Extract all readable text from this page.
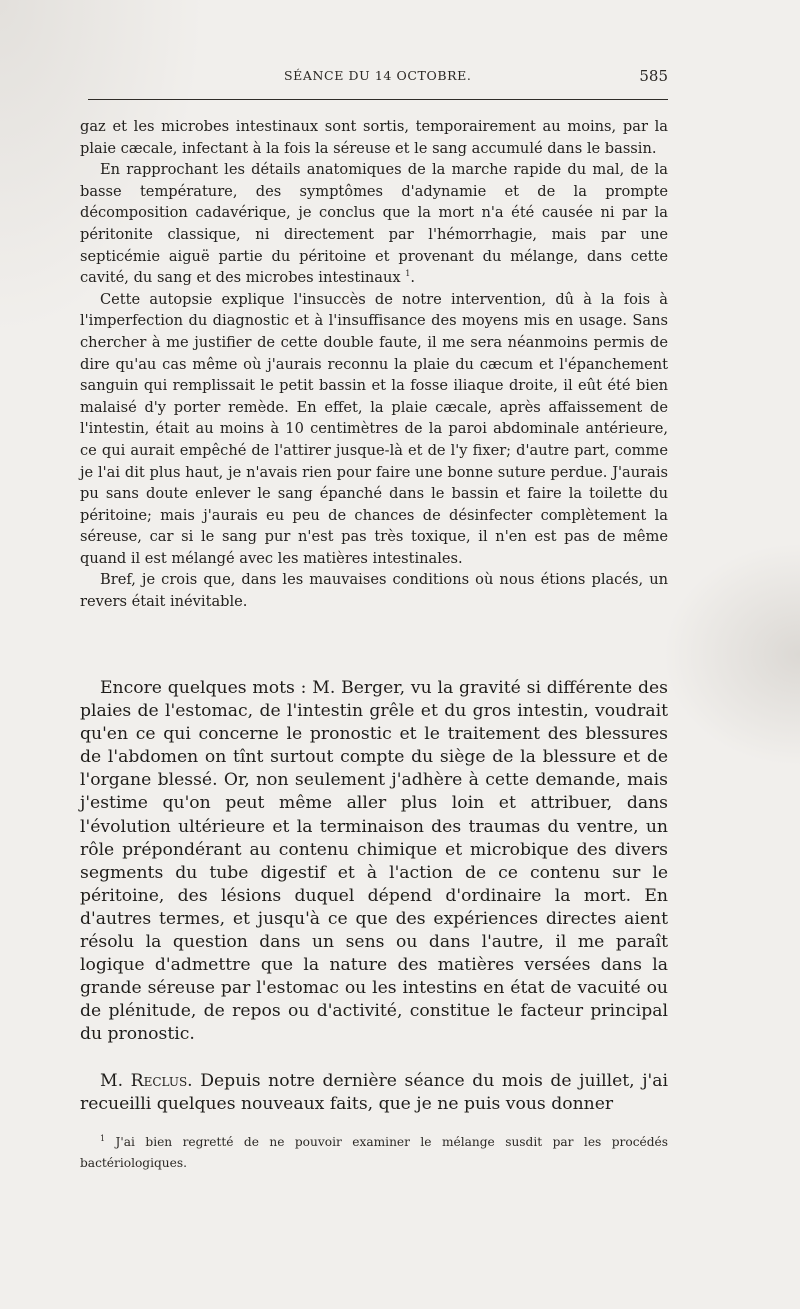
SÉANCE DU 14 OCTOBRE.	585

gaz et les microbes intestinaux sont sortis, temporairement au moins, par la plaie cæcale, infectant à la fois la séreuse et le sang accumulé dans le bassin.

En rapprochant les détails anatomiques de la marche rapide du mal, de la basse température, des symptômes d'adynamie et de la prompte décomposition cadavérique, je conclus que la mort n'a été causée ni par la péritonite classique, ni directement par l'hémorrhagie, mais par une septicémie aiguë partie du péritoine et provenant du mélange, dans cette cavité, du sang et des microbes intestinaux $^1$.

Cette autopsie explique l'insuccès de notre intervention, dû à la fois à l'imperfection du diagnostic et à l'insuffisance des moyens mis en usage. Sans chercher à me justifier de cette double faute, il me sera néanmoins permis de dire qu'au cas même où j'aurais reconnu la plaie du cæcum et l'épanchement sanguin qui remplissait le petit bassin et la fosse iliaque droite, il eût été bien malaisé d'y porter remède. En effet, la plaie cæcale, après affaissement de l'intestin, était au moins à 10 centimètres de la paroi abdominale antérieure, ce qui aurait empêché de l'attirer jusque-là et de l'y fixer; d'autre part, comme je l'ai dit plus haut, je n'avais rien pour faire une bonne suture perdue. J'aurais pu sans doute enlever le sang épanché dans le bassin et faire la toilette du péritoine; mais j'aurais eu peu de chances de désinfecter complètement la séreuse, car si le sang pur n'est pas très toxique, il n'en est pas de même quand il est mélangé avec les matières intestinales.

Bref, je crois que, dans les mauvaises conditions où nous étions placés, un revers était inévitable.

Encore quelques mots : M. Berger, vu la gravité si différente des plaies de l'estomac, de l'intestin grêle et du gros intestin, voudrait qu'en ce qui concerne le pronostic et le traitement des blessures de l'abdomen on tînt surtout compte du siège de la blessure et de l'organe blessé. Or, non seulement j'adhère à cette demande, mais j'estime qu'on peut même aller plus loin et attribuer, dans l'évolution ultérieure et la terminaison des traumas du ventre, un rôle prépondérant au contenu chimique et microbique des divers segments du tube digestif et à l'action de ce contenu sur le péritoine, des lésions duquel dépend d'ordinaire la mort. En d'autres termes, et jusqu'à ce que des expériences directes aient résolu la question dans un sens ou dans l'autre, il me paraît logique d'admettre que la nature des matières versées dans la grande séreuse par l'estomac ou les intestins en état de vacuité ou de plénitude, de repos ou d'activité, constitue le facteur principal du pronostic.

M. Reclus. Depuis notre dernière séance du mois de juillet, j'ai recueilli quelques nouveaux faits, que je ne puis vous donner

$^1$ J'ai bien regretté de ne pouvoir examiner le mélange susdit par les procédés bactériologiques.
